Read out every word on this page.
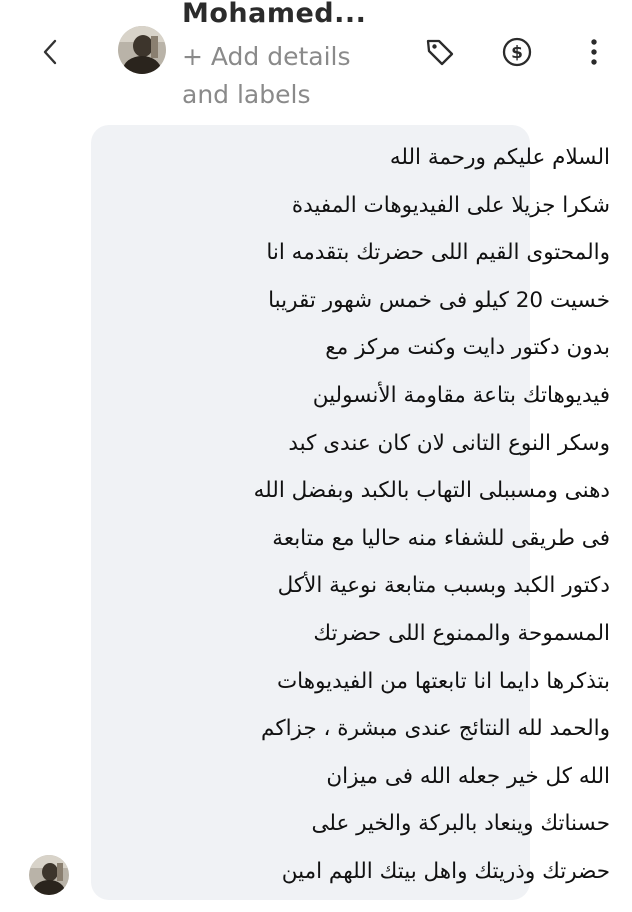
Mohamed...
+ Add details and labels
$
السلام عليكم ورحمة الله
شكرا جزيلا على الفيديوهات المفيدة
والمحتوى القيم اللى حضرتك بتقدمه انا
خسيت 20 كيلو فى خمس شهور تقريبا
بدون دكتور دايت وكنت مركز مع
فيديوهاتك بتاعة مقاومة الأنسولين
وسكر النوع التانى لان كان عندى كبد
دهنى ومسببلى التهاب بالكبد وبفضل الله
فى طريقى للشفاء منه حاليا مع متابعة
دكتور الكبد وبسبب متابعة نوعية الأكل
المسموحة والممنوع اللى حضرتك
بتذكرها دايما انا تابعتها من الفيديوهات
والحمد لله النتائج عندى مبشرة ، جزاكم
الله كل خير جعله الله فى ميزان
حسناتك وينعاد بالبركة والخير على
حضرتك وذريتك واهل بيتك اللهم امين
